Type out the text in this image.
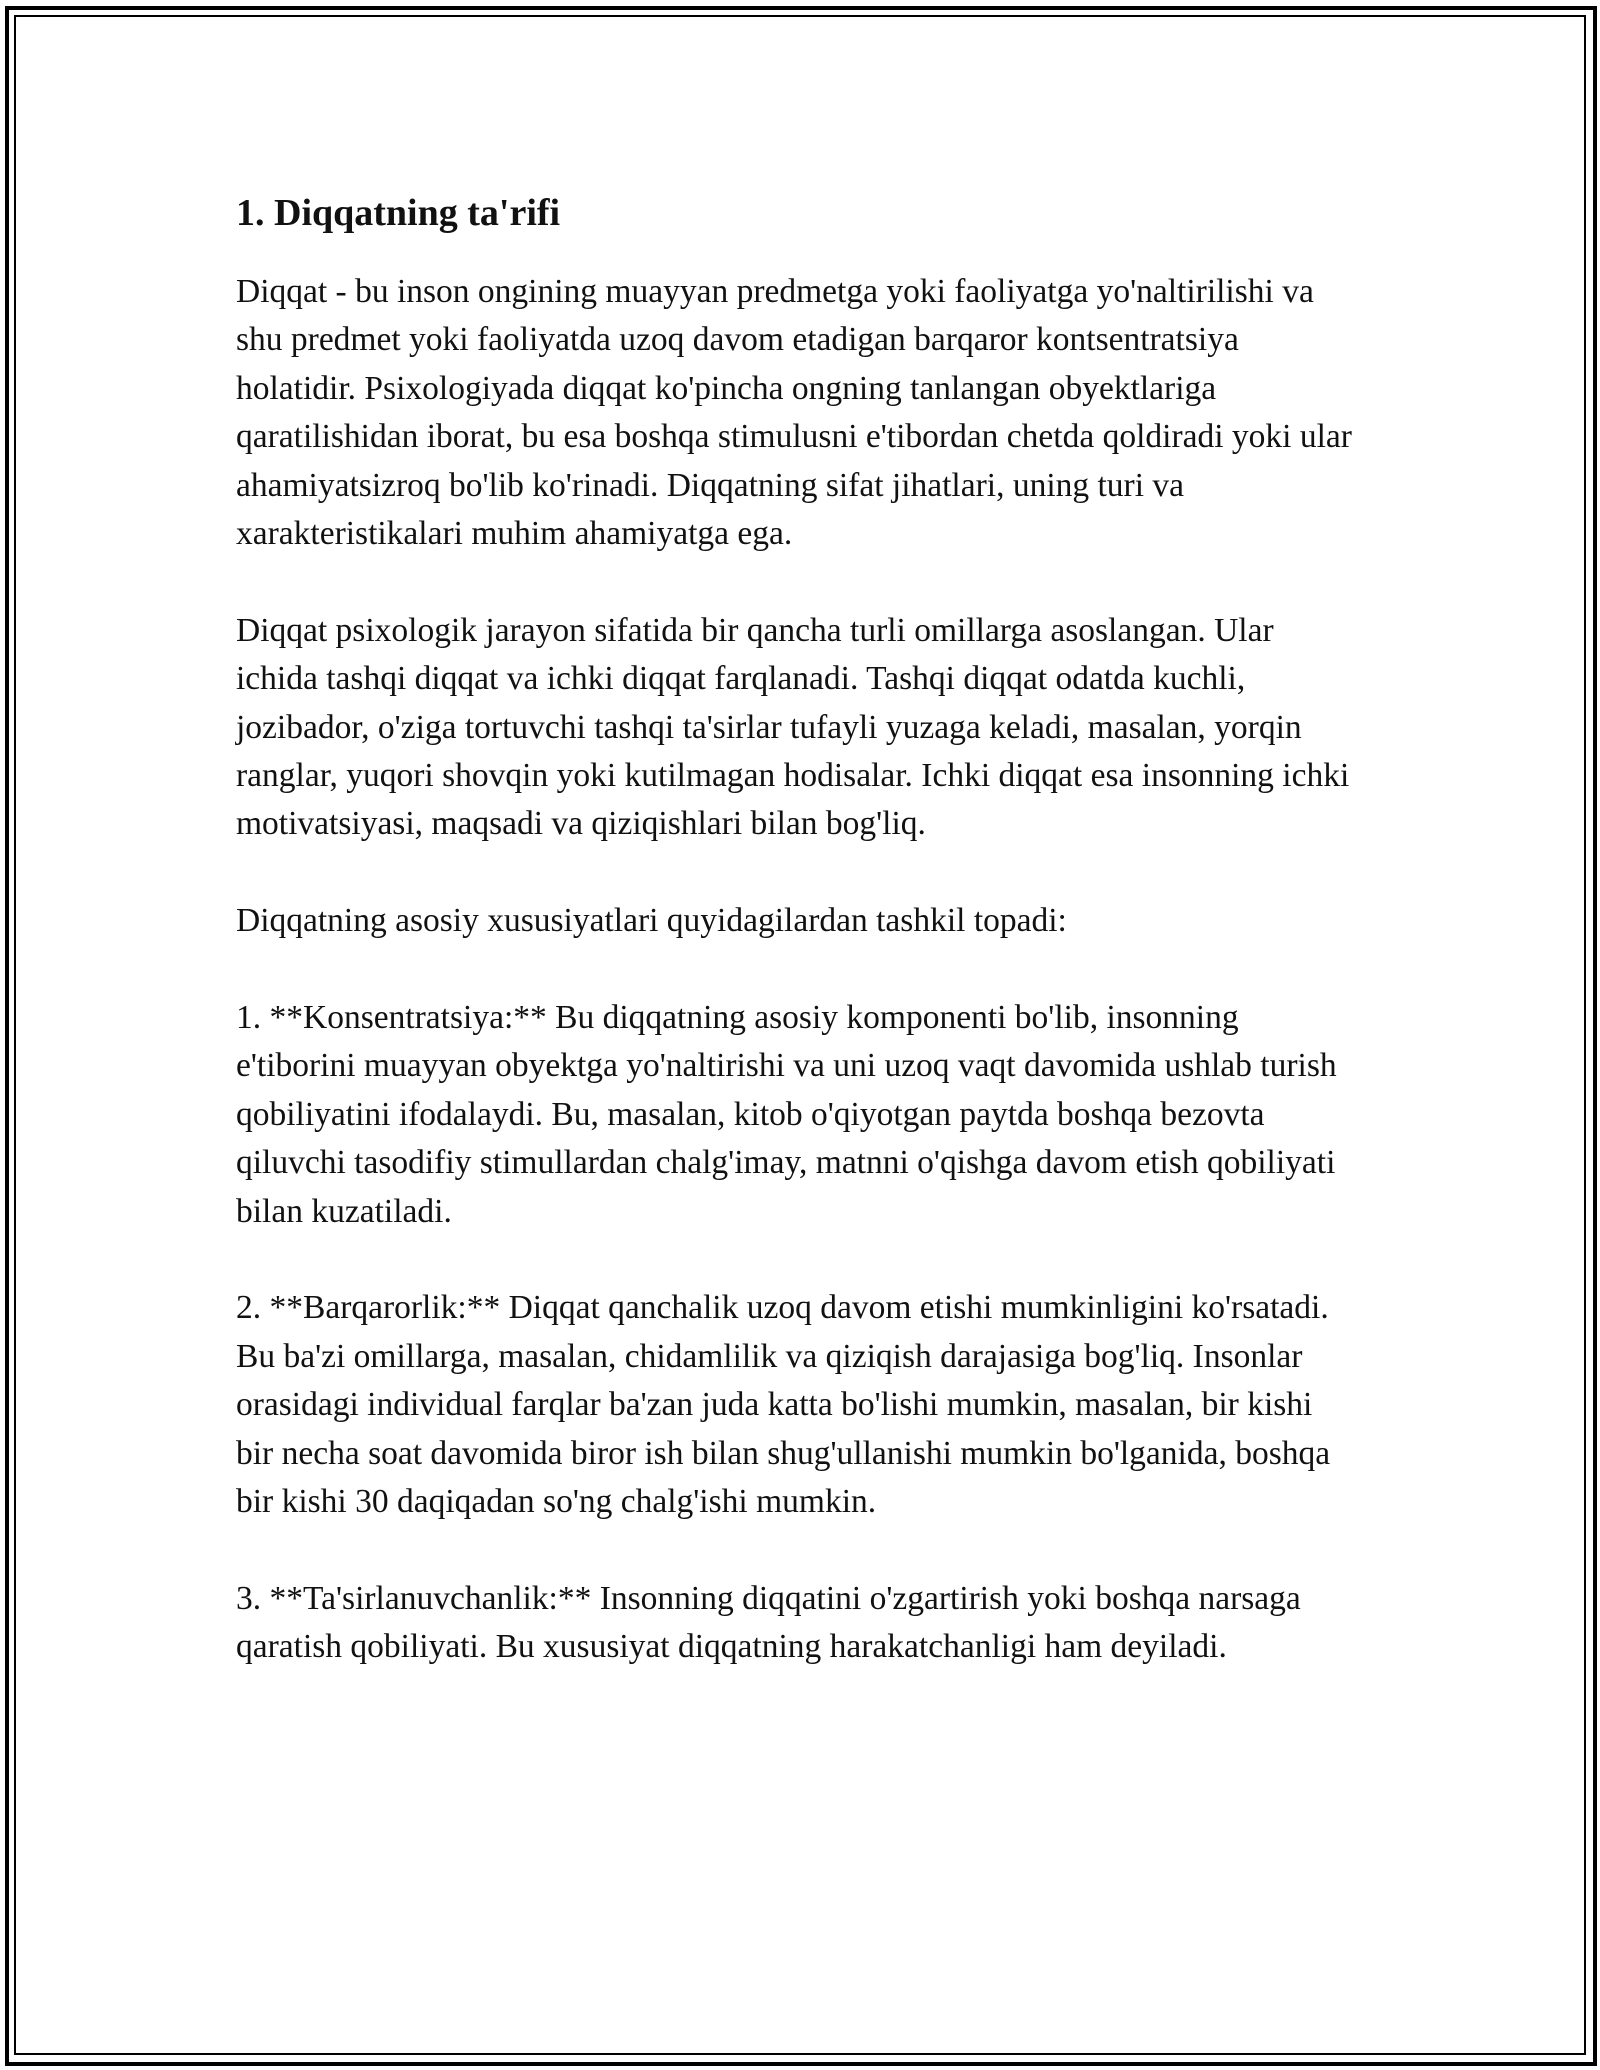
1. Diqqatning ta'rifi

Diqqat - bu inson ongining muayyan predmetga yoki faoliyatga yo'naltirilishi va shu predmet yoki faoliyatda uzoq davom etadigan barqaror kontsentratsiya holatidir. Psixologiyada diqqat ko'pincha ongning tanlangan obyektlariga qaratilishidan iborat, bu esa boshqa stimulusni e'tibordan chetda qoldiradi yoki ular ahamiyatsizroq bo'lib ko'rinadi. Diqqatning sifat jihatlari, uning turi va xarakteristikalari muhim ahamiyatga ega.

Diqqat psixologik jarayon sifatida bir qancha turli omillarga asoslangan. Ular ichida tashqi diqqat va ichki diqqat farqlanadi. Tashqi diqqat odatda kuchli, jozibador, o'ziga tortuvchi tashqi ta'sirlar tufayli yuzaga keladi, masalan, yorqin ranglar, yuqori shovqin yoki kutilmagan hodisalar. Ichki diqqat esa insonning ichki motivatsiyasi, maqsadi va qiziqishlari bilan bog'liq.

Diqqatning asosiy xususiyatlari quyidagilardan tashkil topadi:

1. **Konsentratsiya:** Bu diqqatning asosiy komponenti bo'lib, insonning e'tiborini muayyan obyektga yo'naltirishi va uni uzoq vaqt davomida ushlab turish qobiliyatini ifodalaydi. Bu, masalan, kitob o'qiyotgan paytda boshqa bezovta qiluvchi tasodifiy stimullardan chalg'imay, matnni o'qishga davom etish qobiliyati bilan kuzatiladi.

2. **Barqarorlik:** Diqqat qanchalik uzoq davom etishi mumkinligini ko'rsatadi. Bu ba'zi omillarga, masalan, chidamlilik va qiziqish darajasiga bog'liq. Insonlar orasidagi individual farqlar ba'zan juda katta bo'lishi mumkin, masalan, bir kishi bir necha soat davomida biror ish bilan shug'ullanishi mumkin bo'lganida, boshqa bir kishi 30 daqiqadan so'ng chalg'ishi mumkin.

3. **Ta'sirlanuvchanlik:** Insonning diqqatini o'zgartirish yoki boshqa narsaga qaratish qobiliyati. Bu xususiyat diqqatning harakatchanligi ham deyiladi.
